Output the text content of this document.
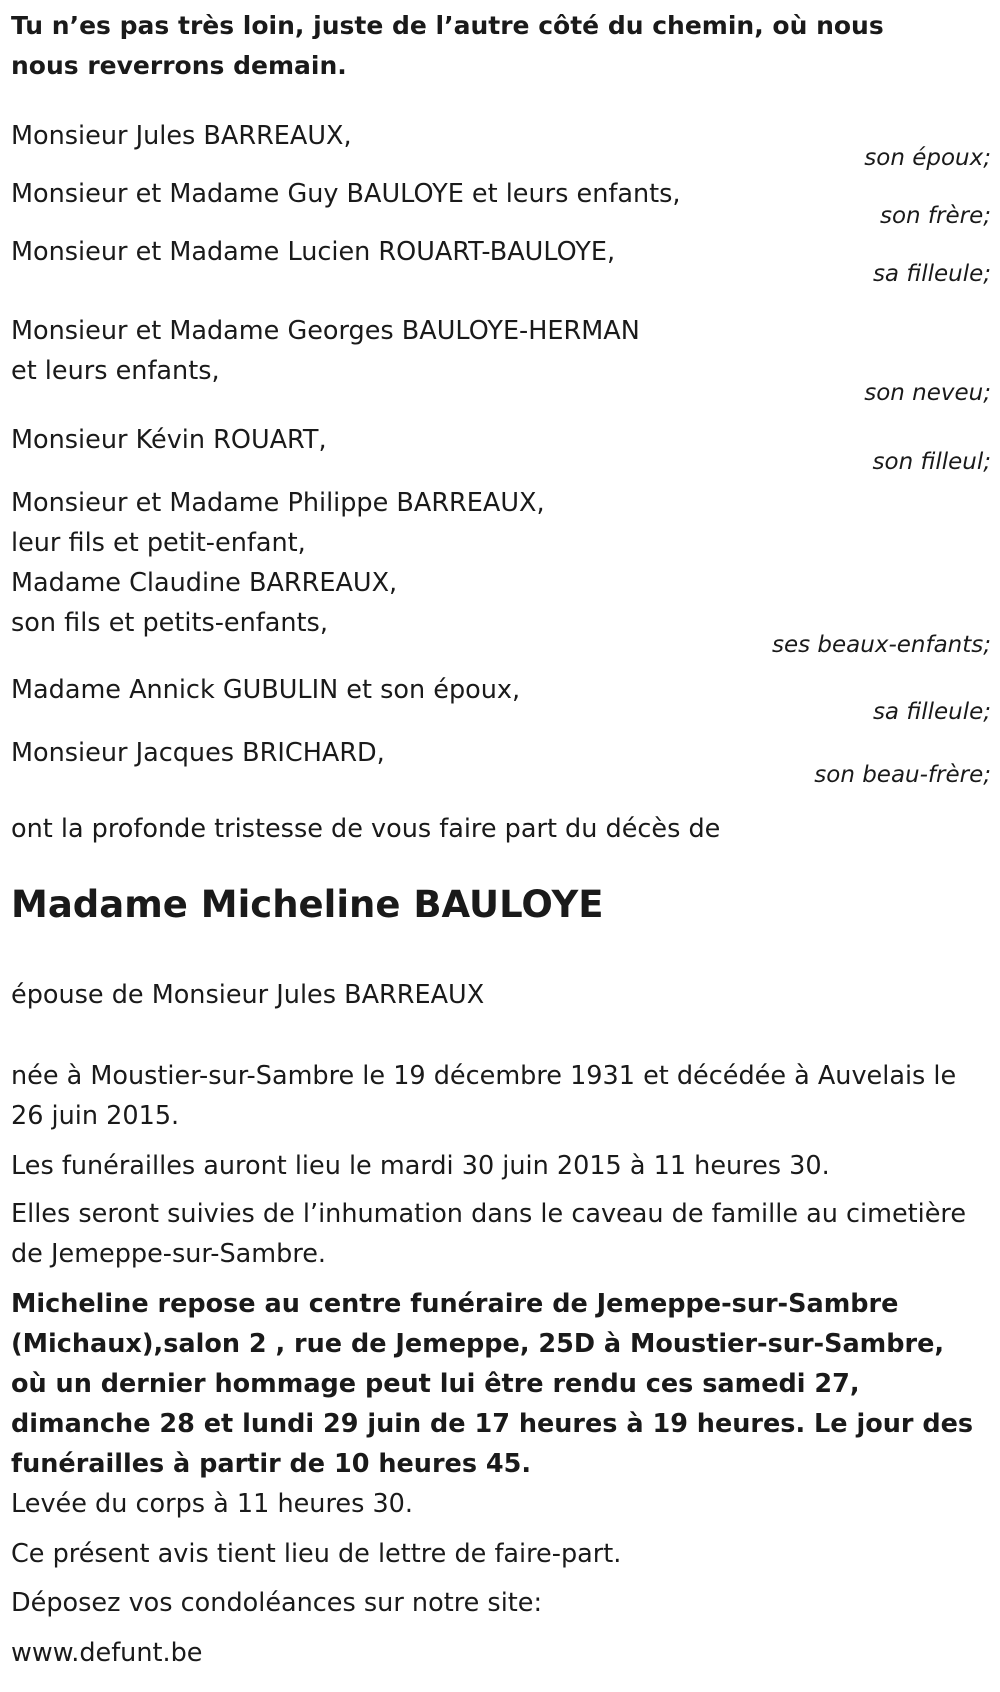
Tu n’es pas très loin, juste de l’autre côté du chemin, où nous nous reverrons demain.

Monsieur Jules BARREAUX,
son époux;
Monsieur et Madame Guy BAULOYE et leurs enfants,
son frère;
Monsieur et Madame Lucien ROUART-BAULOYE,
sa filleule;
Monsieur et Madame Georges BAULOYE-HERMAN
et leurs enfants,
son neveu;
Monsieur Kévin ROUART,
son filleul;
Monsieur et Madame Philippe BARREAUX,
leur fils et petit-enfant,
Madame Claudine BARREAUX,
son fils et petits-enfants,
ses beaux-enfants;
Madame Annick GUBULIN et son époux,
sa filleule;
Monsieur Jacques BRICHARD,
son beau-frère;

ont la profonde tristesse de vous faire part du décès de

Madame Micheline BAULOYE

épouse de Monsieur Jules BARREAUX

née à Moustier-sur-Sambre le 19 décembre 1931 et décédée à Auvelais le 26 juin 2015.

Les funérailles auront lieu le mardi 30 juin 2015 à 11 heures 30.

Elles seront suivies de l’inhumation dans le caveau de famille au cimetière de Jemeppe-sur-Sambre.

Micheline repose au centre funéraire de Jemeppe-sur-Sambre (Michaux),salon 2 , rue de Jemeppe, 25D à Moustier-sur-Sambre, où un dernier hommage peut lui être rendu ces samedi 27, dimanche 28 et lundi 29 juin de 17 heures à 19 heures. Le jour des funérailles à partir de 10 heures 45.

Levée du corps à 11 heures 30.

Ce présent avis tient lieu de lettre de faire-part.

Déposez vos condoléances sur notre site:

www.defunt.be
